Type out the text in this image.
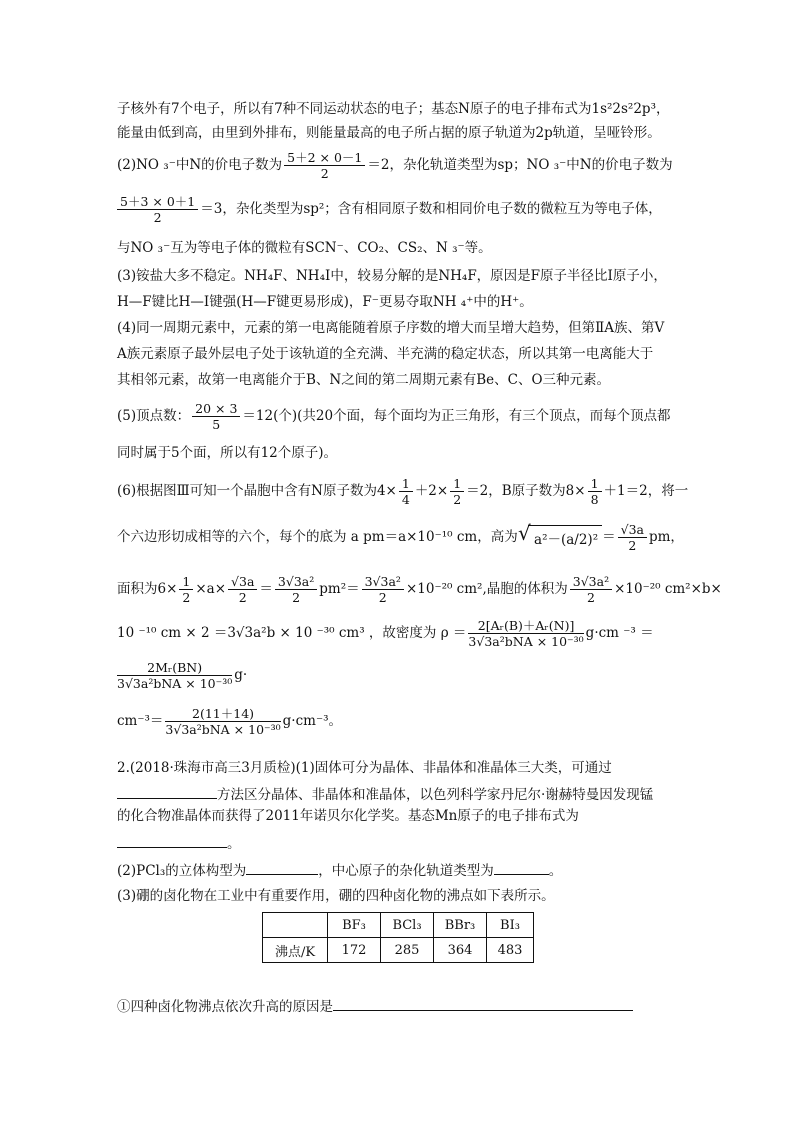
子核外有7个电子，所以有7种不同运动状态的电子；基态N原子的电子排布式为1s²2s²2p³，
能量由低到高，由里到外排布，则能量最高的电子所占据的原子轨道为2p轨道，呈哑铃形。
(2)NO ₃⁻中N的价电子数为 $\frac{5+2 \times 0-1}{2} =2$，杂化轨道类型为sp；NO ₃⁻中N的价电子数为
$\frac{5+3 \times 0+1}{2} =3$，杂化类型为sp²；含有相同原子数和相同价电子数的微粒互为等电子体，
与NO ₃⁻互为等电子体的微粒有SCN⁻、CO₂、CS₂、N ₃⁻等。
(3)铵盐大多不稳定。NH₄F、NH₄I中，较易分解的是NH₄F，原因是F原子半径比I原子小，
H—F键比H—I键强(H—F键更易形成)，F⁻更易夺取NH ₄⁺中的H⁺。
(4)同一周期元素中，元素的第一电离能随着原子序数的增大而呈增大趋势，但第ⅡA族、第Ⅴ
A族元素原子最外层电子处于该轨道的全充满、半充满的稳定状态，所以其第一电离能大于
其相邻元素，故第一电离能介于B、N之间的第二周期元素有Be、C、O三种元素。
(5)顶点数： $\frac{20 \times 3}{5} =12$(个)(共20个面，每个面均为正三角形，有三个顶点，而每个顶点都
同时属于5个面，所以有12个原子)。
(6)根据图Ⅲ可知一个晶胞中含有N原子数为$4\times \frac{1}{4} +2\times \frac{1}{2} =2$，B原子数为$8\times \frac{1}{8} +1=2$，将一
个六边形切成相等的六个，每个的底为 a pm＝a×10⁻¹⁰ cm，高为 √ $a^2-(a/2)^2 = \frac{√3a}{2}$ pm，
面积为$6\times \frac{1}{2} \times a\times \frac{√3a}{2} = \frac{\text{3√3a²}}{2} pm^2= \frac{\text{3√3a²}}{2} \times 10^{-20}$ cm²,晶胞的体积为 $\frac{\text{3√3a²}}{2} \times 10^{-20}$ cm²×b×
10 ⁻¹⁰ cm × 2 ＝3√3a²b × 10 ⁻³⁰ cm³ ，故密度为 $\rho = \frac{\text{2[Aᵣ(B)＋Aᵣ(N)]}}{\text{3√3a²bNA × 10⁻³⁰}} g\cdot cm$ ⁻³ ＝
$\frac{\text{2Mᵣ(BN)}}{\text{3√3a²bNA × 10⁻³⁰}} g\cdot$
$cm^{-3}= \frac{2(11+14)}{\text{3√3a²bNA × 10⁻³⁰}} g\cdot cm^{-3}$。
2.(2018·珠海市高三3月质检)(1)固体可分为晶体、非晶体和准晶体三大类，可通过
方法区分晶体、非晶体和准晶体，以色列科学家丹尼尔·谢赫特曼因发现锰
的化合物准晶体而获得了2011年诺贝尔化学奖。基态Mn原子的电子排布式为
。
(2)PCl₃的立体构型为	，中心原子的杂化轨道类型为	。
(3)硼的卤化物在工业中有重要作用，硼的四种卤化物的沸点如下表所示。
	BF₃	BCl₃	BBr₃	BI₃
沸点/K	172	285	364	483
①四种卤化物沸点依次升高的原因是
